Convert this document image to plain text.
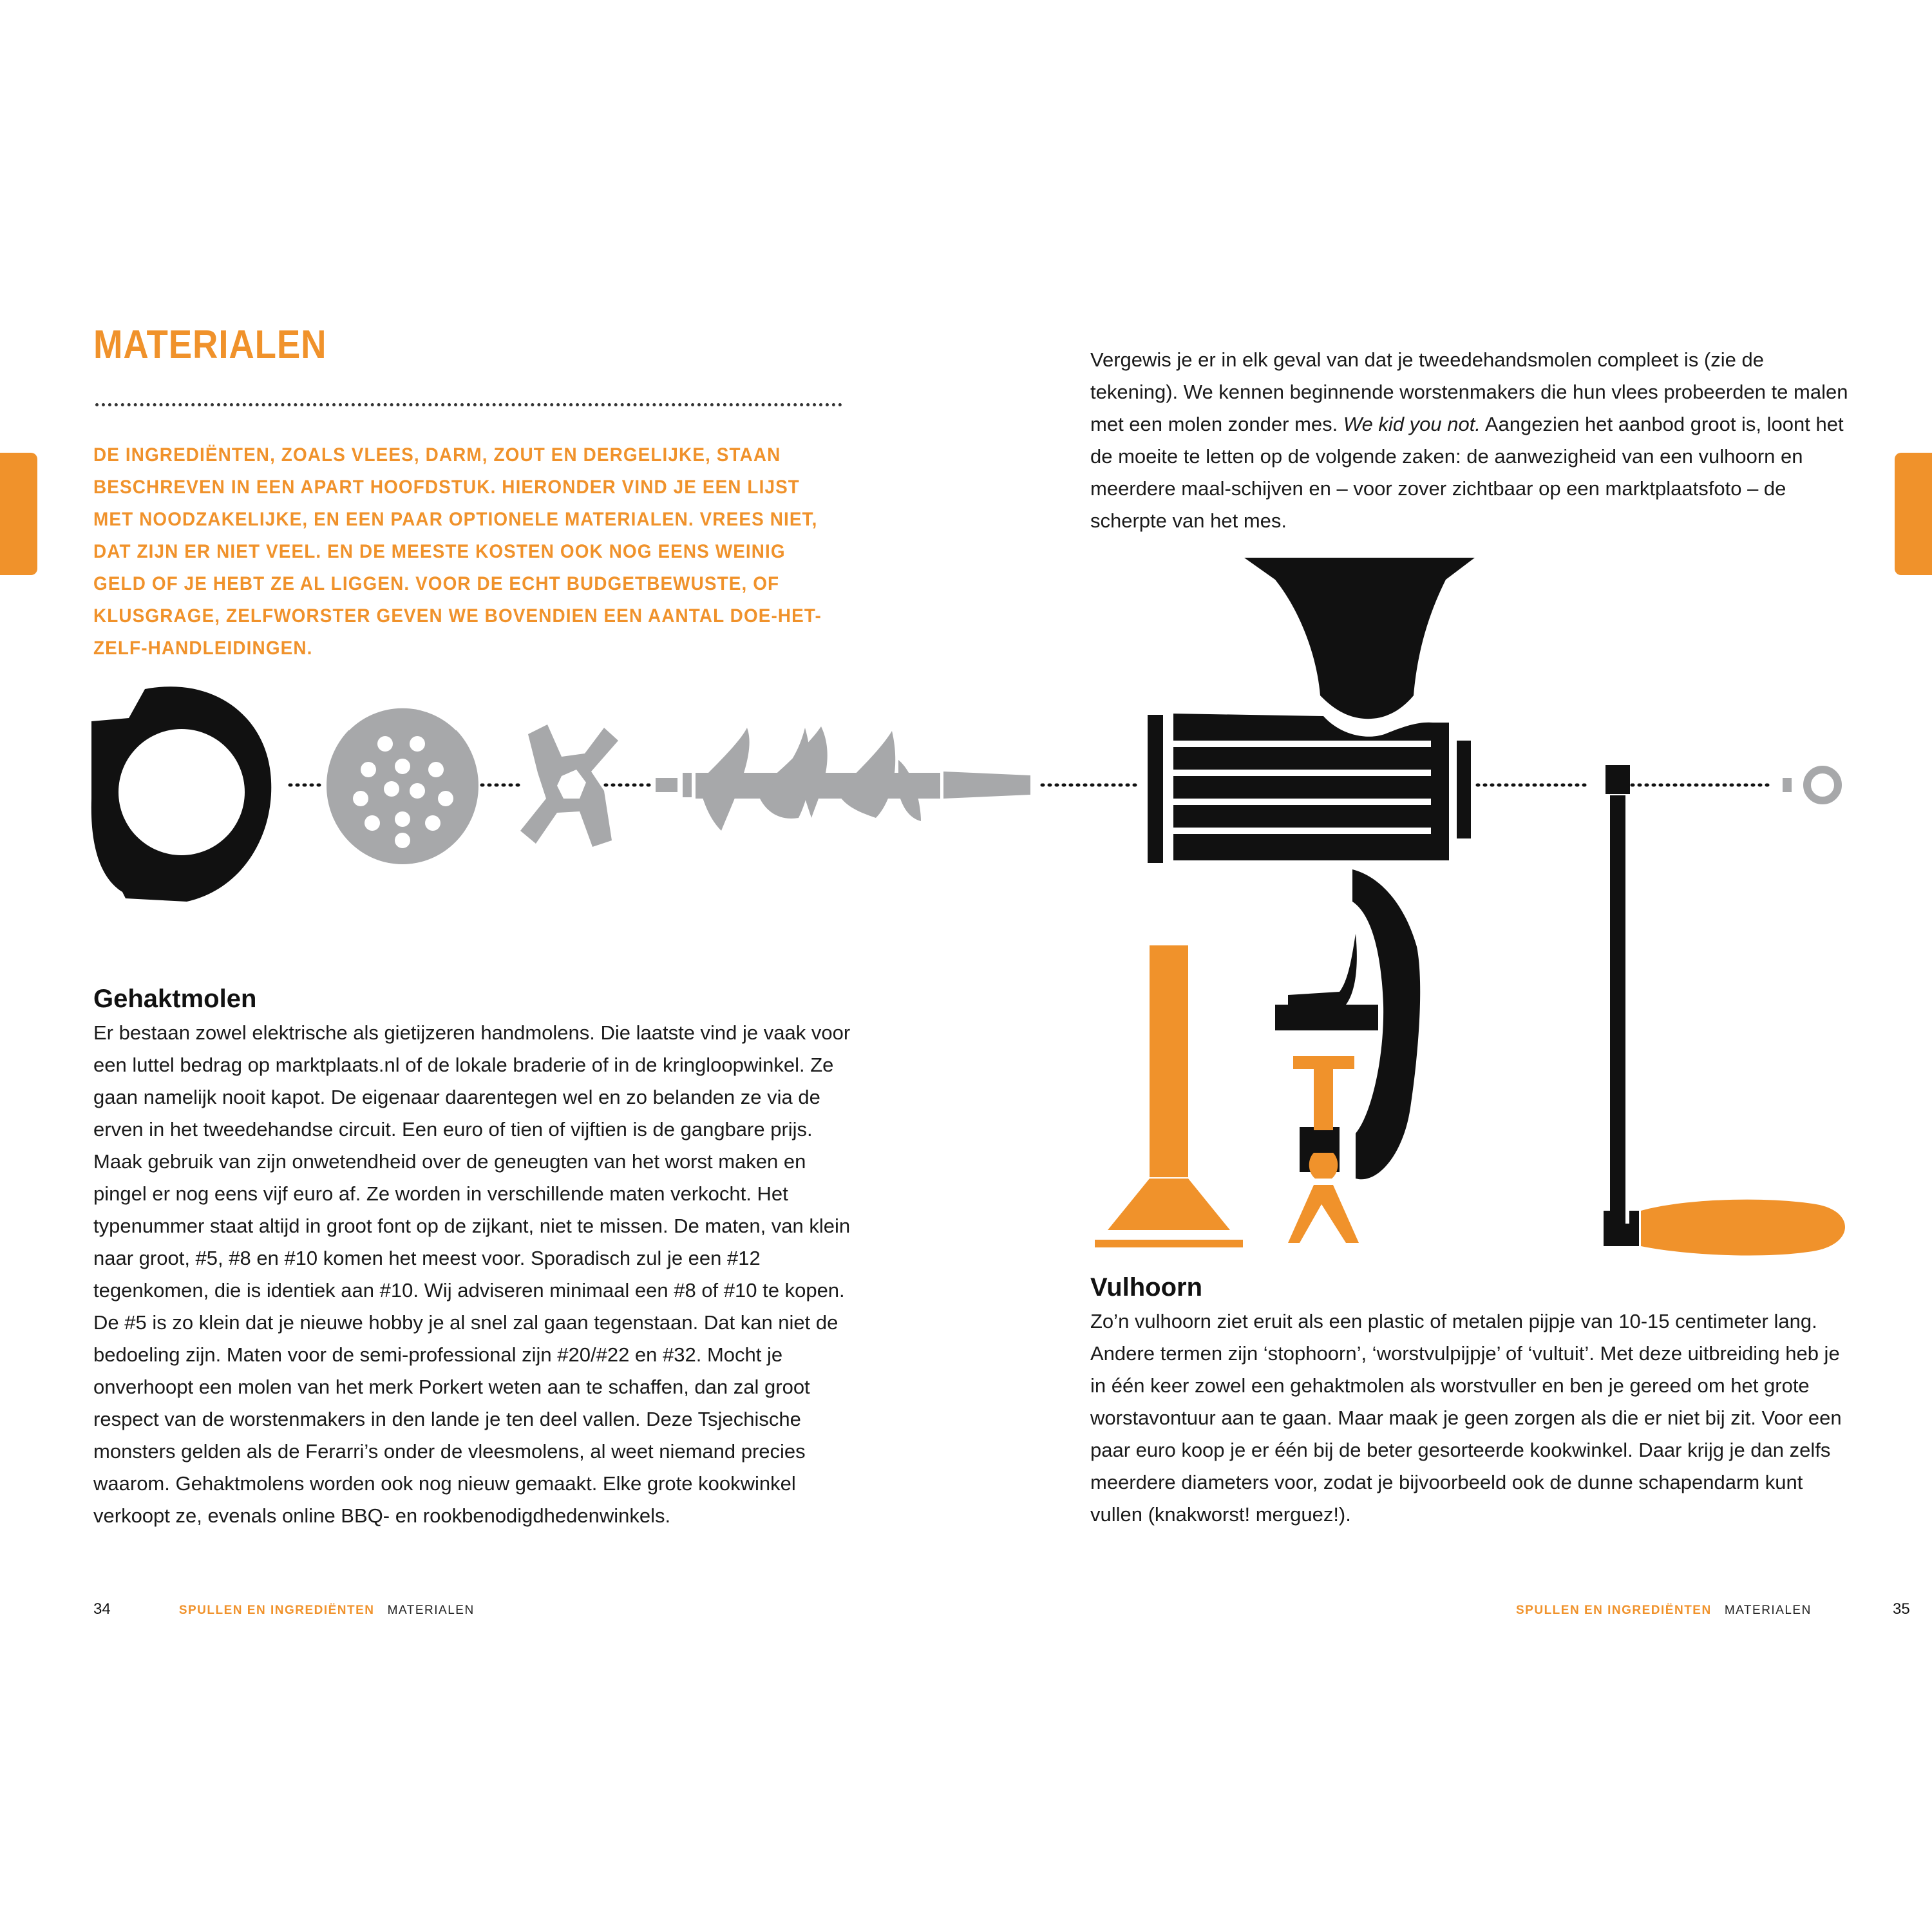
MATERIALEN
DE INGREDIËNTEN, ZOALS VLEES, DARM, ZOUT EN DERGELIJKE, STAAN BESCHREVEN IN EEN APART HOOFDSTUK. HIERONDER VIND JE EEN LIJST MET NOODZAKELIJKE, EN EEN PAAR OPTIONELE MATERIALEN. VREES NIET, DAT ZIJN ER NIET VEEL. EN DE MEESTE KOSTEN OOK NOG EENS WEINIG GELD OF JE HEBT ZE AL LIGGEN. VOOR DE ECHT BUDGETBEWUSTE, OF KLUSGRAGE, ZELFWORSTER GEVEN WE BOVENDIEN EEN AANTAL DOE-HET-ZELF-HANDLEIDINGEN.
Gehaktmolen

Er bestaan zowel elektrische als gietijzeren handmolens. Die laatste vind je vaak voor een luttel bedrag op marktplaats.nl of de lokale braderie of in de kringloopwinkel. Ze gaan namelijk nooit kapot. De eigenaar daarentegen wel en zo belanden ze via de erven in het tweedehandse circuit. Een euro of tien of vijftien is de gangbare prijs. Maak gebruik van zijn onwetendheid over de geneugten van het worst maken en pingel er nog eens vijf euro af. Ze worden in verschillende maten verkocht. Het typenummer staat altijd in groot font op de zijkant, niet te missen. De maten, van klein naar groot, #5, #8 en #10 komen het meest voor. Sporadisch zul je een #12 tegenkomen, die is identiek aan #10. Wij adviseren minimaal een #8 of #10 te kopen. De #5 is zo klein dat je nieuwe hobby je al snel zal gaan tegenstaan. Dat kan niet de bedoeling zijn. Maten voor de semi-professional zijn #20/#22 en #32. Mocht je onverhoopt een molen van het merk Porkert weten aan te schaffen, dan zal groot respect van de worstenmakers in den lande je ten deel vallen. Deze Tsjechische monsters gelden als de Ferarri’s onder de vleesmolens, al weet niemand precies waarom. Gehaktmolens worden ook nog nieuw gemaakt. Elke grote kookwinkel verkoopt ze, evenals online BBQ- en rookbenodigdhedenwinkels.

Vergewis je er in elk geval van dat je tweedehandsmolen compleet is (zie de tekening). We kennen beginnende worstenmakers die hun vlees probeerden te malen met een molen zonder mes. We kid you not. Aangezien het aanbod groot is, loont het de moeite te letten op de volgende zaken: de aanwezigheid van een vulhoorn en meerdere maal-schijven en – voor zover zichtbaar op een marktplaatsfoto – de scherpte van het mes.

Vulhoorn

Zo’n vulhoorn ziet eruit als een plastic of metalen pijpje van 10-15 centimeter lang. Andere termen zijn ‘stophoorn’, ‘worstvulpijpje’ of ‘vultuit’. Met deze uitbreiding heb je in één keer zowel een gehaktmolen als worstvuller en ben je gereed om het grote worstavontuur aan te gaan. Maar maak je geen zorgen als die er niet bij zit. Voor een paar euro koop je er één bij de beter gesorteerde kookwinkel. Daar krijg je dan zelfs meerdere diameters voor, zodat je bijvoorbeeld ook de dunne schapendarm kunt vullen (knakworst! merguez!).

34	SPULLEN EN INGREDIËNTEN MATERIALEN	SPULLEN EN INGREDIËNTEN MATERIALEN	35
